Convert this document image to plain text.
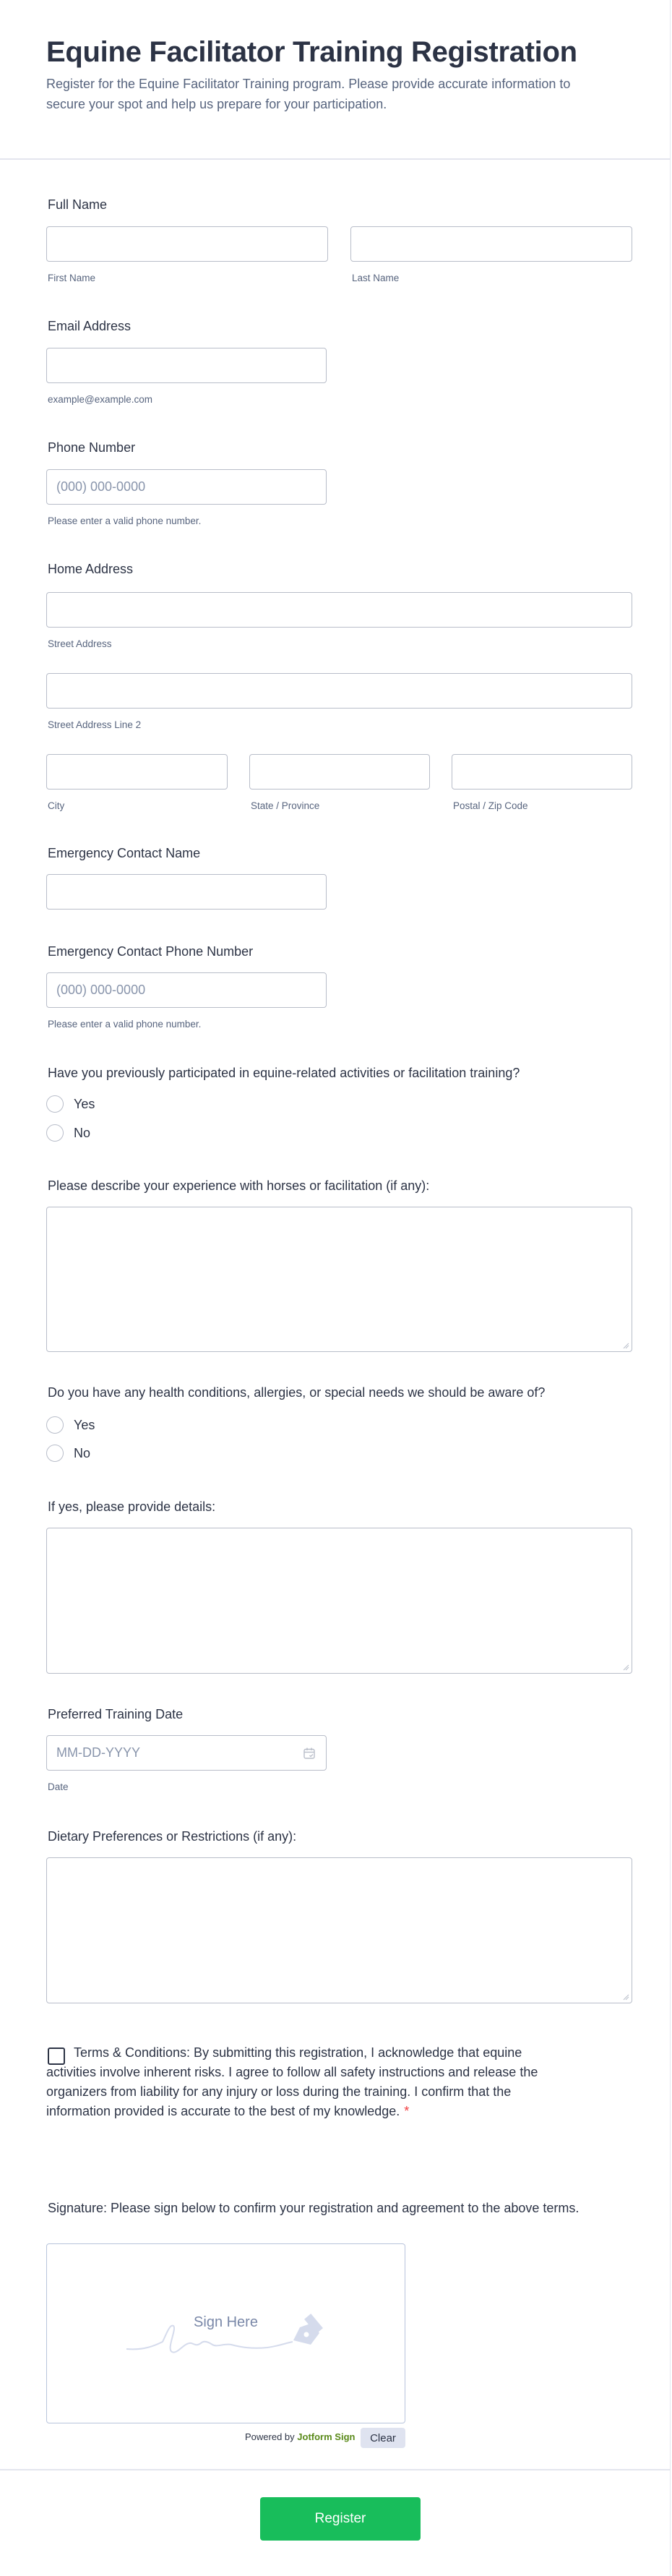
Equine Facilitator Training Registration

Register for the Equine Facilitator Training program. Please provide accurate information to secure your spot and help us prepare for your participation.

Full Name
First Name	Last Name
Email Address
example@example.com
Phone Number
(000) 000-0000
Please enter a valid phone number.
Home Address
Street Address
Street Address Line 2
City	State / Province	Postal / Zip Code
Emergency Contact Name
Emergency Contact Phone Number
(000) 000-0000
Please enter a valid phone number.
Have you previously participated in equine-related activities or facilitation training?
Yes
No
Please describe your experience with horses or facilitation (if any):
Do you have any health conditions, allergies, or special needs we should be aware of?
Yes
No
If yes, please provide details:
Preferred Training Date
MM-DD-YYYY
Date
Dietary Preferences or Restrictions (if any):
Terms & Conditions: By submitting this registration, I acknowledge that equine activities involve inherent risks. I agree to follow all safety instructions and release the organizers from liability for any injury or loss during the training. I confirm that the information provided is accurate to the best of my knowledge. *
Signature: Please sign below to confirm your registration and agreement to the above terms.
Sign Here
Powered by Jotform Sign	Clear
Register
